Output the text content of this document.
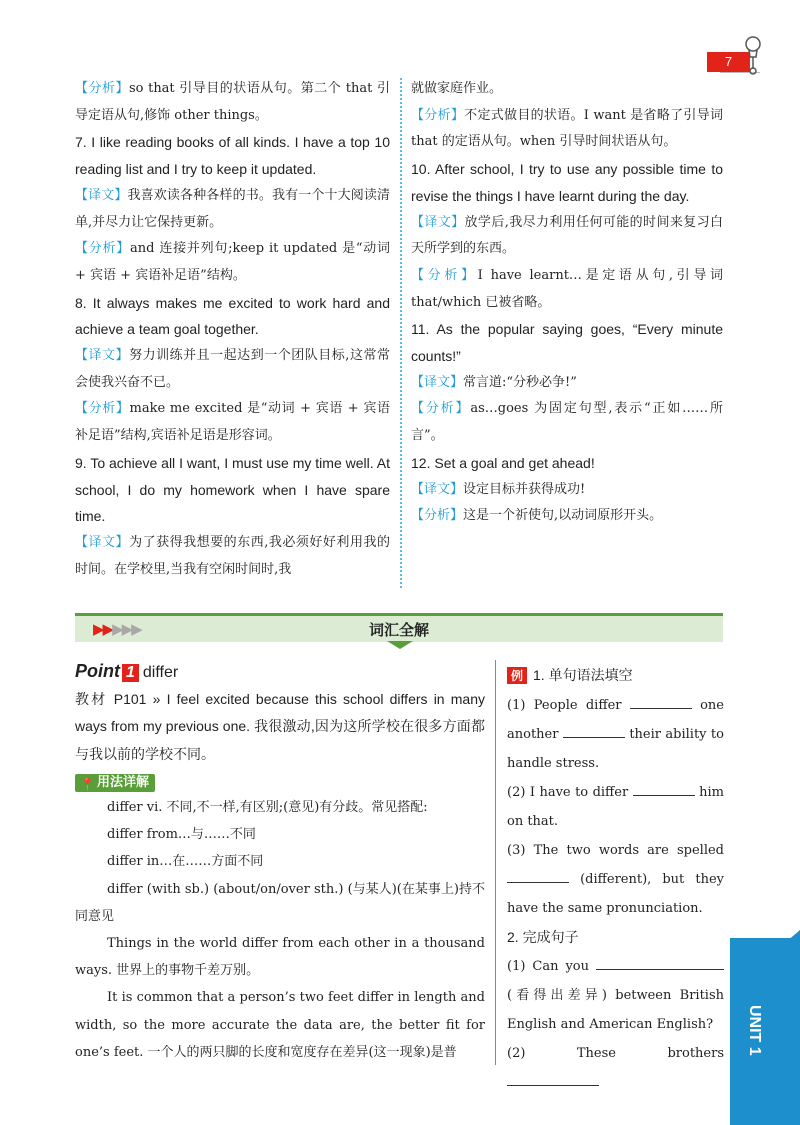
7

【分析】so that 引导目的状语从句。第二个 that 引导定语从句,修饰 other things。

7. I like reading books of all kinds. I have a top 10 reading list and I try to keep it updated.

【译文】我喜欢读各种各样的书。我有一个十大阅读清单,并尽力让它保持更新。

【分析】and 连接并列句;keep it updated 是“动词 + 宾语 + 宾语补足语”结构。

8. It always makes me excited to work hard and achieve a team goal together.

【译文】努力训练并且一起达到一个团队目标,这常常会使我兴奋不已。

【分析】make me excited 是“动词 + 宾语 + 宾语补足语”结构,宾语补足语是形容词。

9. To achieve all I want, I must use my time well. At school, I do my homework when I have spare time.

【译文】为了获得我想要的东西,我必须好好利用我的时间。在学校里,当我有空闲时间时,我

就做家庭作业。

【分析】不定式做目的状语。I want 是省略了引导词 that 的定语从句。when 引导时间状语从句。

10. After school, I try to use any possible time to revise the things I have learnt during the day.

【译文】放学后,我尽力利用任何可能的时间来复习白天所学到的东西。

【分析】I have learnt…是定语从句,引导词 that/which 已被省略。

11. As the popular saying goes, “Every minute counts!”

【译文】常言道:“分秒必争!”

【分析】as…goes 为固定句型,表示“正如……所言”。

12. Set a goal and get ahead!

【译文】设定目标并获得成功!

【分析】这是一个祈使句,以动词原形开头。

▶▶▶▶▶	词汇全解
Point 1 differ

教材 P101 » I feel excited because this school differs in many ways from my previous one. 我很激动,因为这所学校在很多方面都与我以前的学校不同。

📍 用法详解

differ vi. 不同,不一样,有区别;(意见)有分歧。常见搭配:

differ from…与……不同

differ in…在……方面不同

differ (with sb.) (about/on/over sth.) (与某人)(在某事上)持不同意见

Things in the world differ from each other in a thousand ways. 世界上的事物千差万别。

It is common that a person’s two feet differ in length and width, so the more accurate the data are, the better fit for one’s feet. 一个人的两只脚的长度和宽度存在差异(这一现象)是普

例 1. 单句语法填空

(1) People differ	one another	their ability to handle stress.

(2) I have to differ	him on that.

(3) The two words are spelled  (different), but they have the same pronunciation.

2. 完成句子

(1) Can you  (看得出差异) between British English and American English?

(2) These brothers UNIT 1
